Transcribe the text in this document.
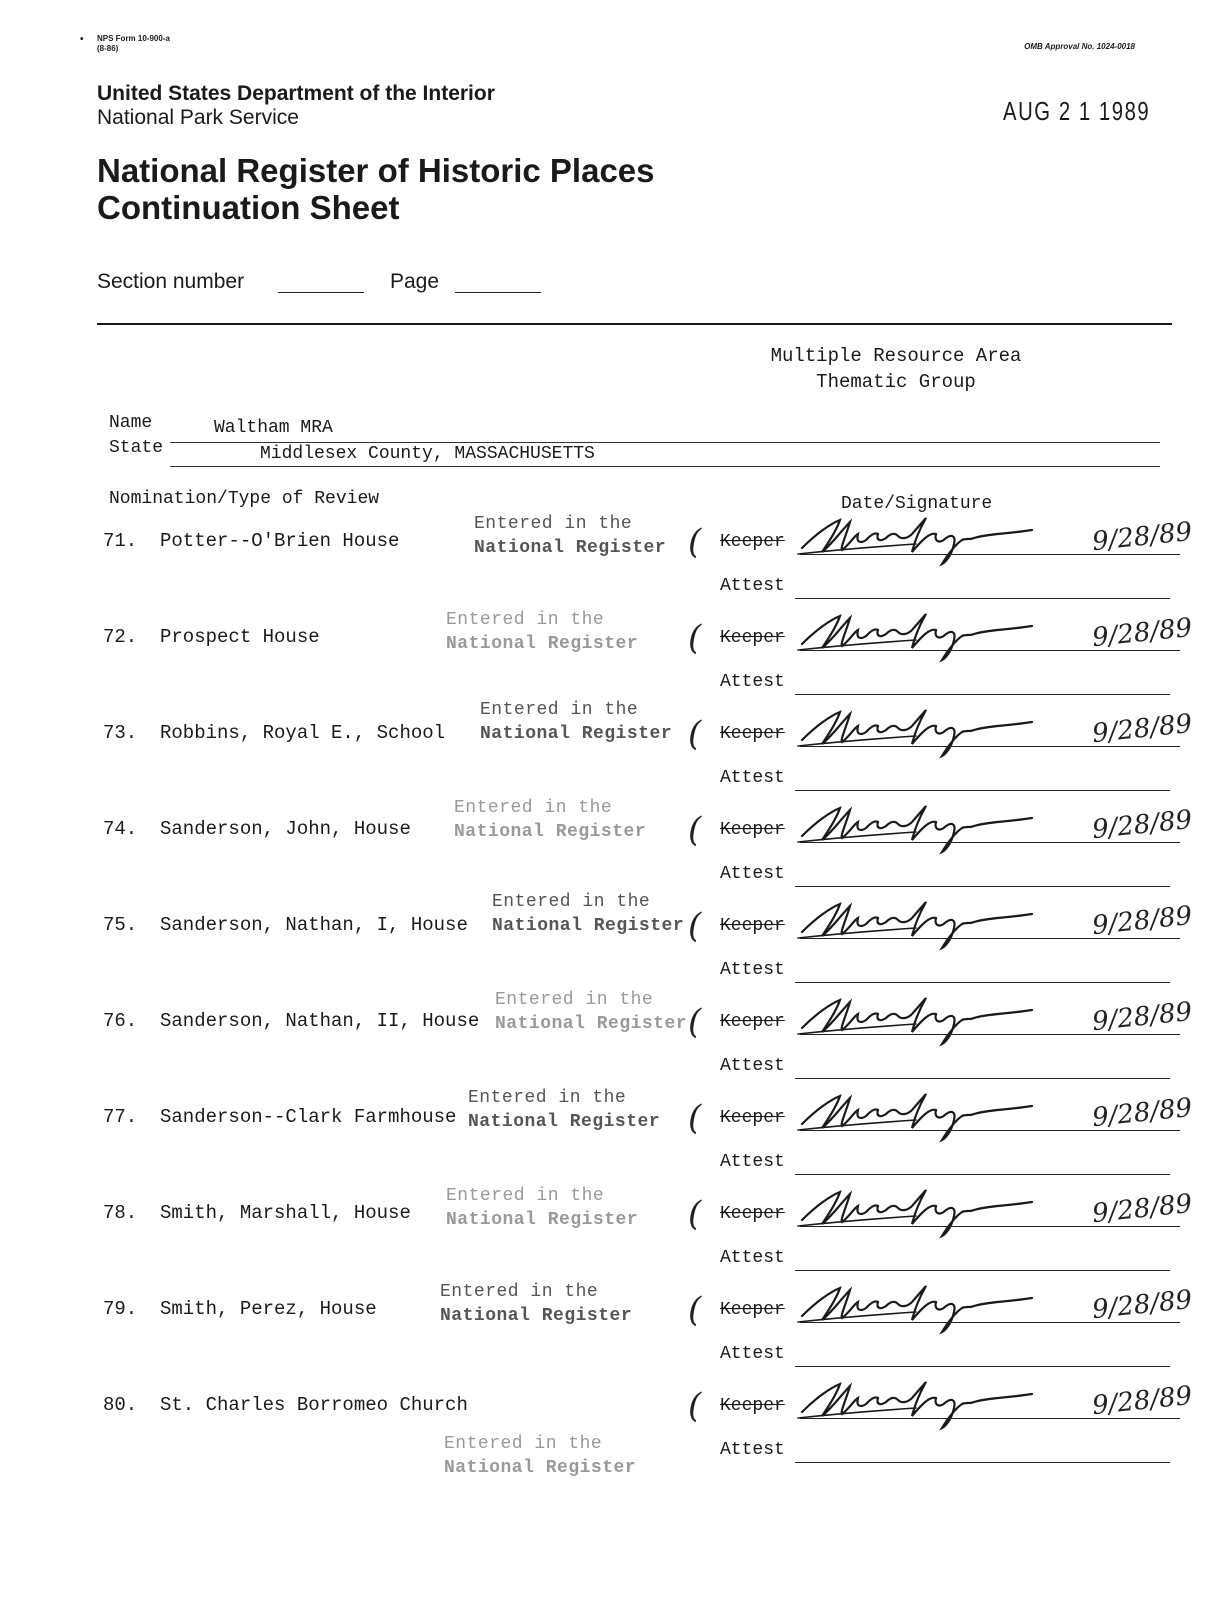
• NPS Form 10-900-a
(8-86)	OMB Approval No. 1024-0018
United States Department of the Interior
National Park Service	AUG 2 1 1989
National Register of Historic Places
Continuation Sheet
Section number	Page
Multiple Resource Area
Thematic Group
Name	Waltham MRA
State	Middlesex County, MASSACHUSETTS
Nomination/Type of Review	Date/Signature
71. Potter--O'Brien House
Entered in the
National Register ( Keeper	9/28/89
Attest
72. Prospect House
Entered in the
National Register ( Keeper	9/28/89
Attest
73. Robbins, Royal E., School
Entered in the
National Register ( Keeper	9/28/89
Attest
74. Sanderson, John, House
Entered in the
National Register ( Keeper	9/28/89
Attest
75. Sanderson, Nathan, I, House
Entered in the
National Register ( Keeper	9/28/89
Attest
76. Sanderson, Nathan, II, House
Entered in the
National Register ( Keeper	9/28/89
Attest
77. Sanderson--Clark Farmhouse
Entered in the
National Register ( Keeper	9/28/89
Attest
78. Smith, Marshall, House
Entered in the
National Register ( Keeper	9/28/89
Attest
79. Smith, Perez, House
Entered in the
National Register ( Keeper	9/28/89
Attest
80. St. Charles Borromeo Church
Entered in the
National Register
( Keeper	9/28/89
Attest
